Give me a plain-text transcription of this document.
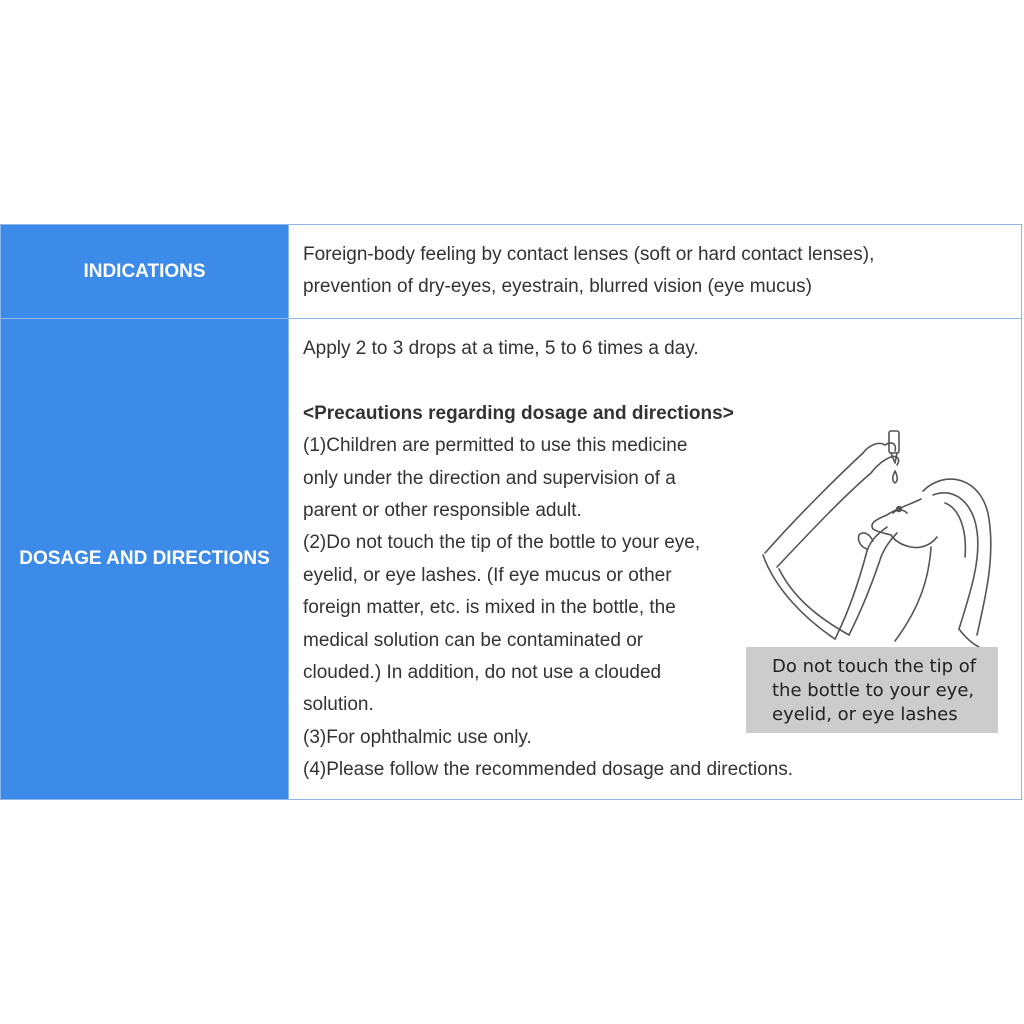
INDICATIONS

Foreign-body feeling by contact lenses (soft or hard contact lenses),

prevention of dry-eyes, eyestrain, blurred vision (eye mucus)

DOSAGE AND DIRECTIONS

Apply 2 to 3 drops at a time, 5 to 6 times a day.

<Precautions regarding dosage and directions>

(1)Children are permitted to use this medicine

only under the direction and supervision of a

parent or other responsible adult.

(2)Do not touch the tip of the bottle to your eye,

eyelid, or eye lashes. (If eye mucus or other

foreign matter, etc. is mixed in the bottle, the

medical solution can be contaminated or

clouded.) In addition, do not use a clouded

solution.

(3)For ophthalmic use only.

(4)Please follow the recommended dosage and directions.

Do not touch the tip of
the bottle to your eye,
eyelid, or eye lashes
